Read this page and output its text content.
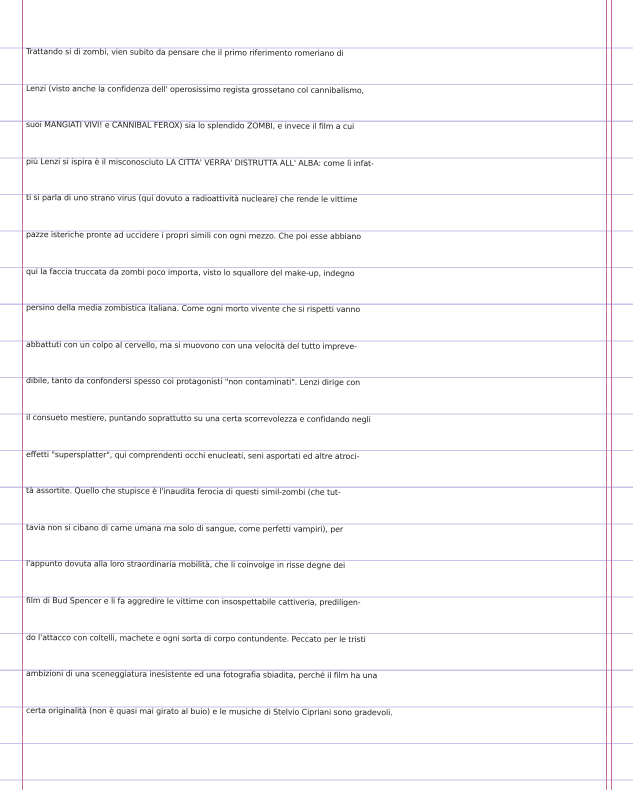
Trattando si di zombi, vien subito da pensare che il primo riferimento romeriano di
Lenzi (visto anche la confidenza dell' operosissimo regista grossetano col cannibalismo,
suoi MANGIATI VIVI! e CANNIBAL FEROX) sia lo splendido ZOMBI, e invece il film a cui
più Lenzi si ispira è il misconosciuto LA CITTA' VERRA' DISTRUTTA ALL' ALBA: come lì infat-
ti si parla di uno strano virus (qui dovuto a radioattività nucleare) che rende le vittime
pazze isteriche pronte ad uccidere i propri simili con ogni mezzo. Che poi esse abbiano
qui la faccia truccata da zombi poco importa, visto lo squallore del make-up, indegno
persino della media zombistica italiana. Come ogni morto vivente che si rispetti vanno
abbattuti con un colpo al cervello, ma si muovono con una velocità del tutto impreve-
dibile, tanto da confondersi spesso coi protagonisti "non contaminati". Lenzi dirige con
il consueto mestiere, puntando soprattutto su una certa scorrevolezza e confidando negli
effetti "supersplatter", qui comprendenti occhi enucleati, seni asportati ed altre atroci-
tà assortite. Quello che stupisce è l'inaudita ferocia di questi simil-zombi (che tut-
tavia non si cibano di carne umana ma solo di sangue, come perfetti vampiri), per
l'appunto dovuta alla loro straordinaria mobilità, che li coinvolge in risse degne dei
film di Bud Spencer e li fa aggredire le vittime con insospettabile cattiveria, prediligen-
do l'attacco con coltelli, machete e ogni sorta di corpo contundente. Peccato per le tristi
ambizioni di una sceneggiatura inesistente ed una fotografia sbiadita, perché il film ha una
certa originalità (non è quasi mai girato al buio) e le musiche di Stelvio Cipriani sono gradevoli.
